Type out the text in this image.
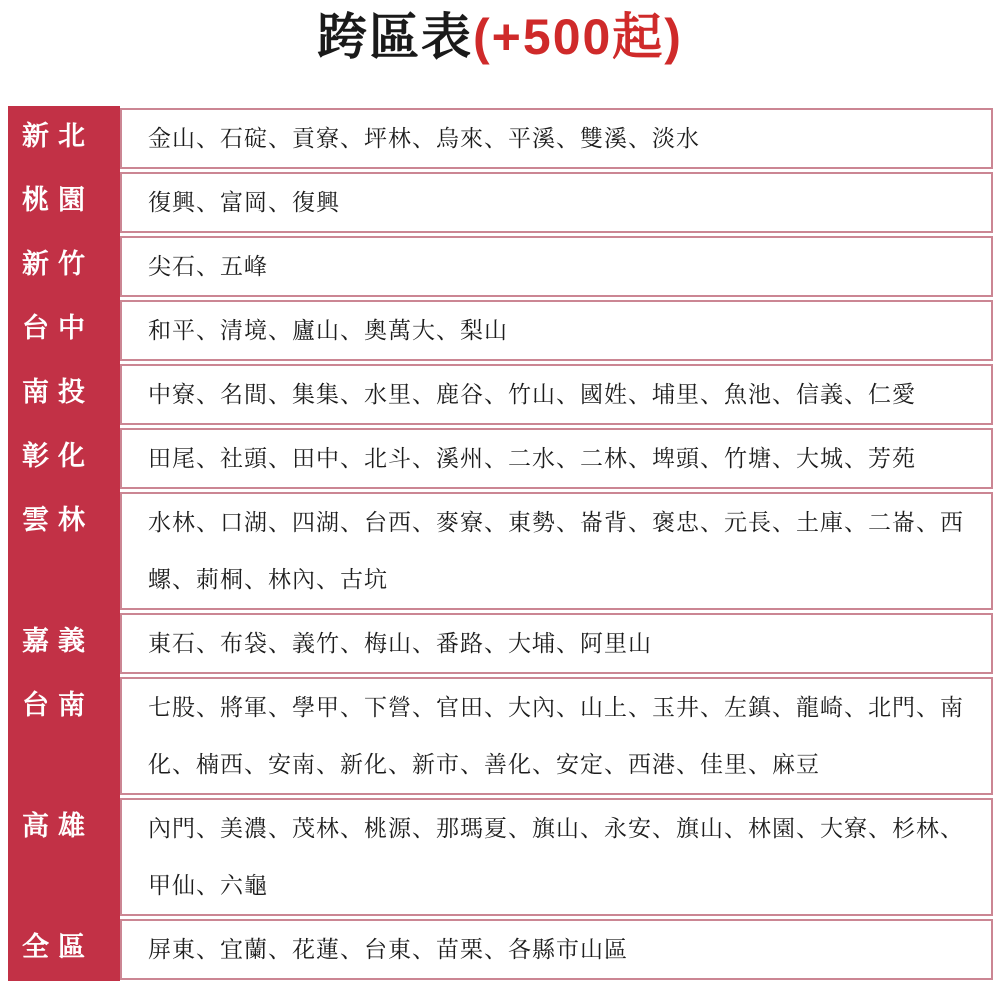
跨區表(+500起)
新北 金山、石碇、貢寮、坪林、烏來、平溪、雙溪、淡水
桃園 復興、富岡、復興
新竹 尖石、五峰
台中 和平、清境、廬山、奧萬大、梨山
南投 中寮、名間、集集、水里、鹿谷、竹山、國姓、埔里、魚池、信義、仁愛
彰化 田尾、社頭、田中、北斗、溪州、二水、二林、埤頭、竹塘、大城、芳苑
雲林 水林、口湖、四湖、台西、麥寮、東勢、崙背、褒忠、元長、土庫、二崙、西螺、莿桐、林內、古坑
嘉義 東石、布袋、義竹、梅山、番路、大埔、阿里山
台南 七股、將軍、學甲、下營、官田、大內、山上、玉井、左鎮、龍崎、北門、南化、楠西、安南、新化、新市、善化、安定、西港、佳里、麻豆
高雄 內門、美濃、茂林、桃源、那瑪夏、旗山、永安、旗山、林園、大寮、杉林、甲仙、六龜
全區 屏東、宜蘭、花蓮、台東、苗栗、各縣市山區
